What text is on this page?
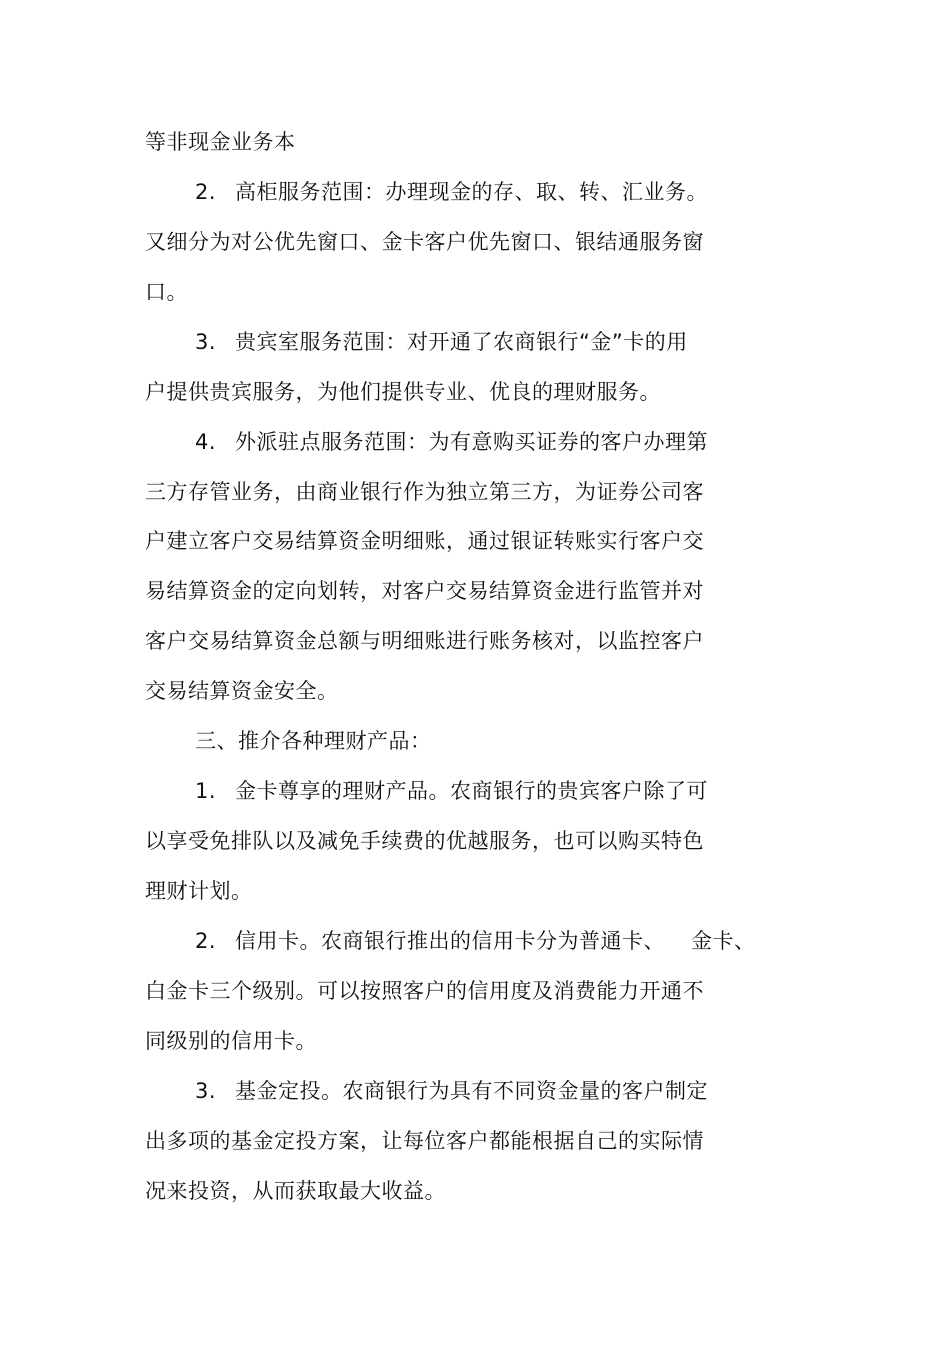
等非现金业务本
2. 高柜服务范围：办理现金的存、取、转、汇业务。
又细分为对公优先窗口、金卡客户优先窗口、银结通服务窗
口。
3. 贵宾室服务范围：对开通了农商银行“金”卡的用
户提供贵宾服务，为他们提供专业、优良的理财服务。
4. 外派驻点服务范围：为有意购买证券的客户办理第
三方存管业务，由商业银行作为独立第三方，为证券公司客
户建立客户交易结算资金明细账，通过银证转账实行客户交
易结算资金的定向划转，对客户交易结算资金进行监管并对
客户交易结算资金总额与明细账进行账务核对，以监控客户
交易结算资金安全。
三、推介各种理财产品：
1. 金卡尊享的理财产品。农商银行的贵宾客户除了可
以享受免排队以及减免手续费的优越服务，也可以购买特色
理财计划。
2. 信用卡。农商银行推出的信用卡分为普通卡、 金卡、
白金卡三个级别。可以按照客户的信用度及消费能力开通不
同级别的信用卡。
3. 基金定投。农商银行为具有不同资金量的客户制定
出多项的基金定投方案，让每位客户都能根据自己的实际情
况来投资，从而获取最大收益。
